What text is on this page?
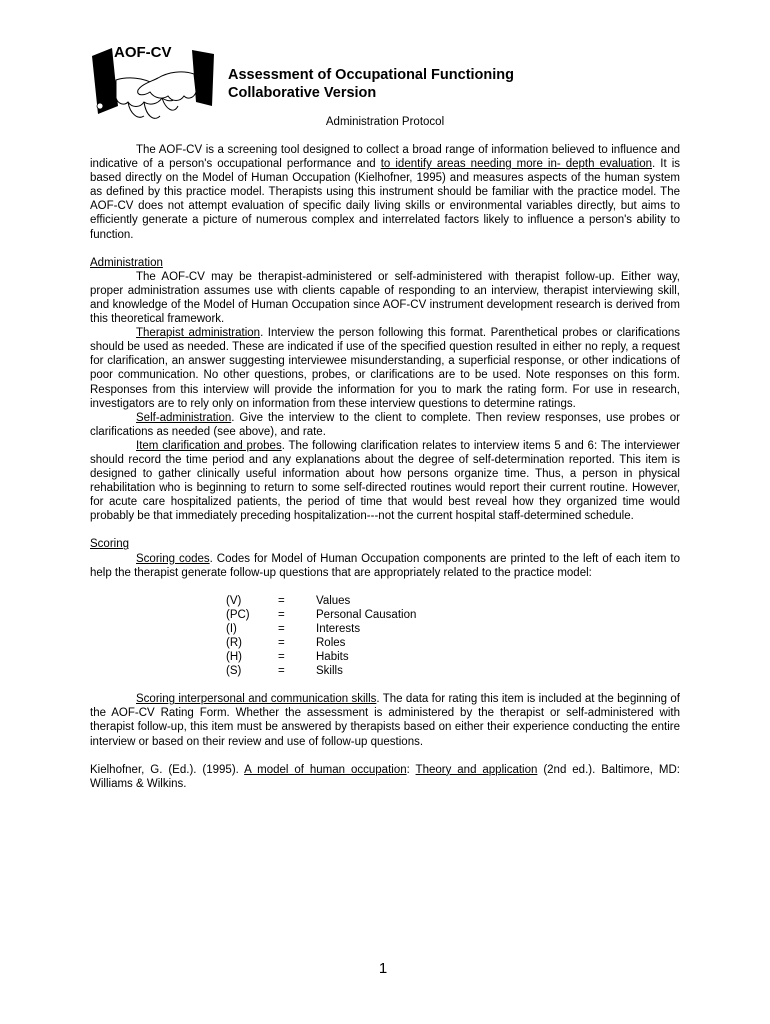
AOF-CV
Assessment of Occupational Functioning
Collaborative Version
Administration Protocol

The AOF-CV is a screening tool designed to collect a broad range of information believed to influence and indicative of a person's occupational performance and to identify areas needing more in- depth evaluation. It is based directly on the Model of Human Occupation (Kielhofner, 1995) and measures aspects of the human system as defined by this practice model. Therapists using this instrument should be familiar with the practice model. The AOF-CV does not attempt evaluation of specific daily living skills or environmental variables directly, but aims to efficiently generate a picture of numerous complex and interrelated factors likely to influence a person's ability to function.

Administration

The AOF-CV may be therapist-administered or self-administered with therapist follow-up. Either way, proper administration assumes use with clients capable of responding to an interview, therapist interviewing skill, and knowledge of the Model of Human Occupation since AOF-CV instrument development research is derived from this theoretical framework.

Therapist administration. Interview the person following this format. Parenthetical probes or clarifications should be used as needed. These are indicated if use of the specified question resulted in either no reply, a request for clarification, an answer suggesting interviewee misunderstanding, a superficial response, or other indications of poor communication. No other questions, probes, or clarifications are to be used. Note responses on this form. Responses from this interview will provide the information for you to mark the rating form. For use in research, investigators are to rely only on information from these interview questions to determine ratings.

Self-administration. Give the interview to the client to complete. Then review responses, use probes or clarifications as needed (see above), and rate.

Item clarification and probes. The following clarification relates to interview items 5 and 6: The interviewer should record the time period and any explanations about the degree of self-determination reported. This item is designed to gather clinically useful information about how persons organize time. Thus, a person in physical rehabilitation who is beginning to return to some self-directed routines would report their current routine. However, for acute care hospitalized patients, the period of time that would best reveal how they organized time would probably be that immediately preceding hospitalization---not the current hospital staff-determined schedule.

Scoring

Scoring codes. Codes for Model of Human Occupation components are printed to the left of each item to help the therapist generate follow-up questions that are appropriately related to the practice model:

(V)	=	Values
(PC)	=	Personal Causation
(I)	=	Interests
(R)	=	Roles
(H)	=	Habits
(S)	=	Skills

Scoring interpersonal and communication skills. The data for rating this item is included at the beginning of the AOF-CV Rating Form. Whether the assessment is administered by the therapist or self-administered with therapist follow-up, this item must be answered by therapists based on either their experience conducting the entire interview or based on their review and use of follow-up questions.

Kielhofner, G. (Ed.). (1995). A model of human occupation: Theory and application (2nd ed.). Baltimore, MD: Williams & Wilkins.

1
